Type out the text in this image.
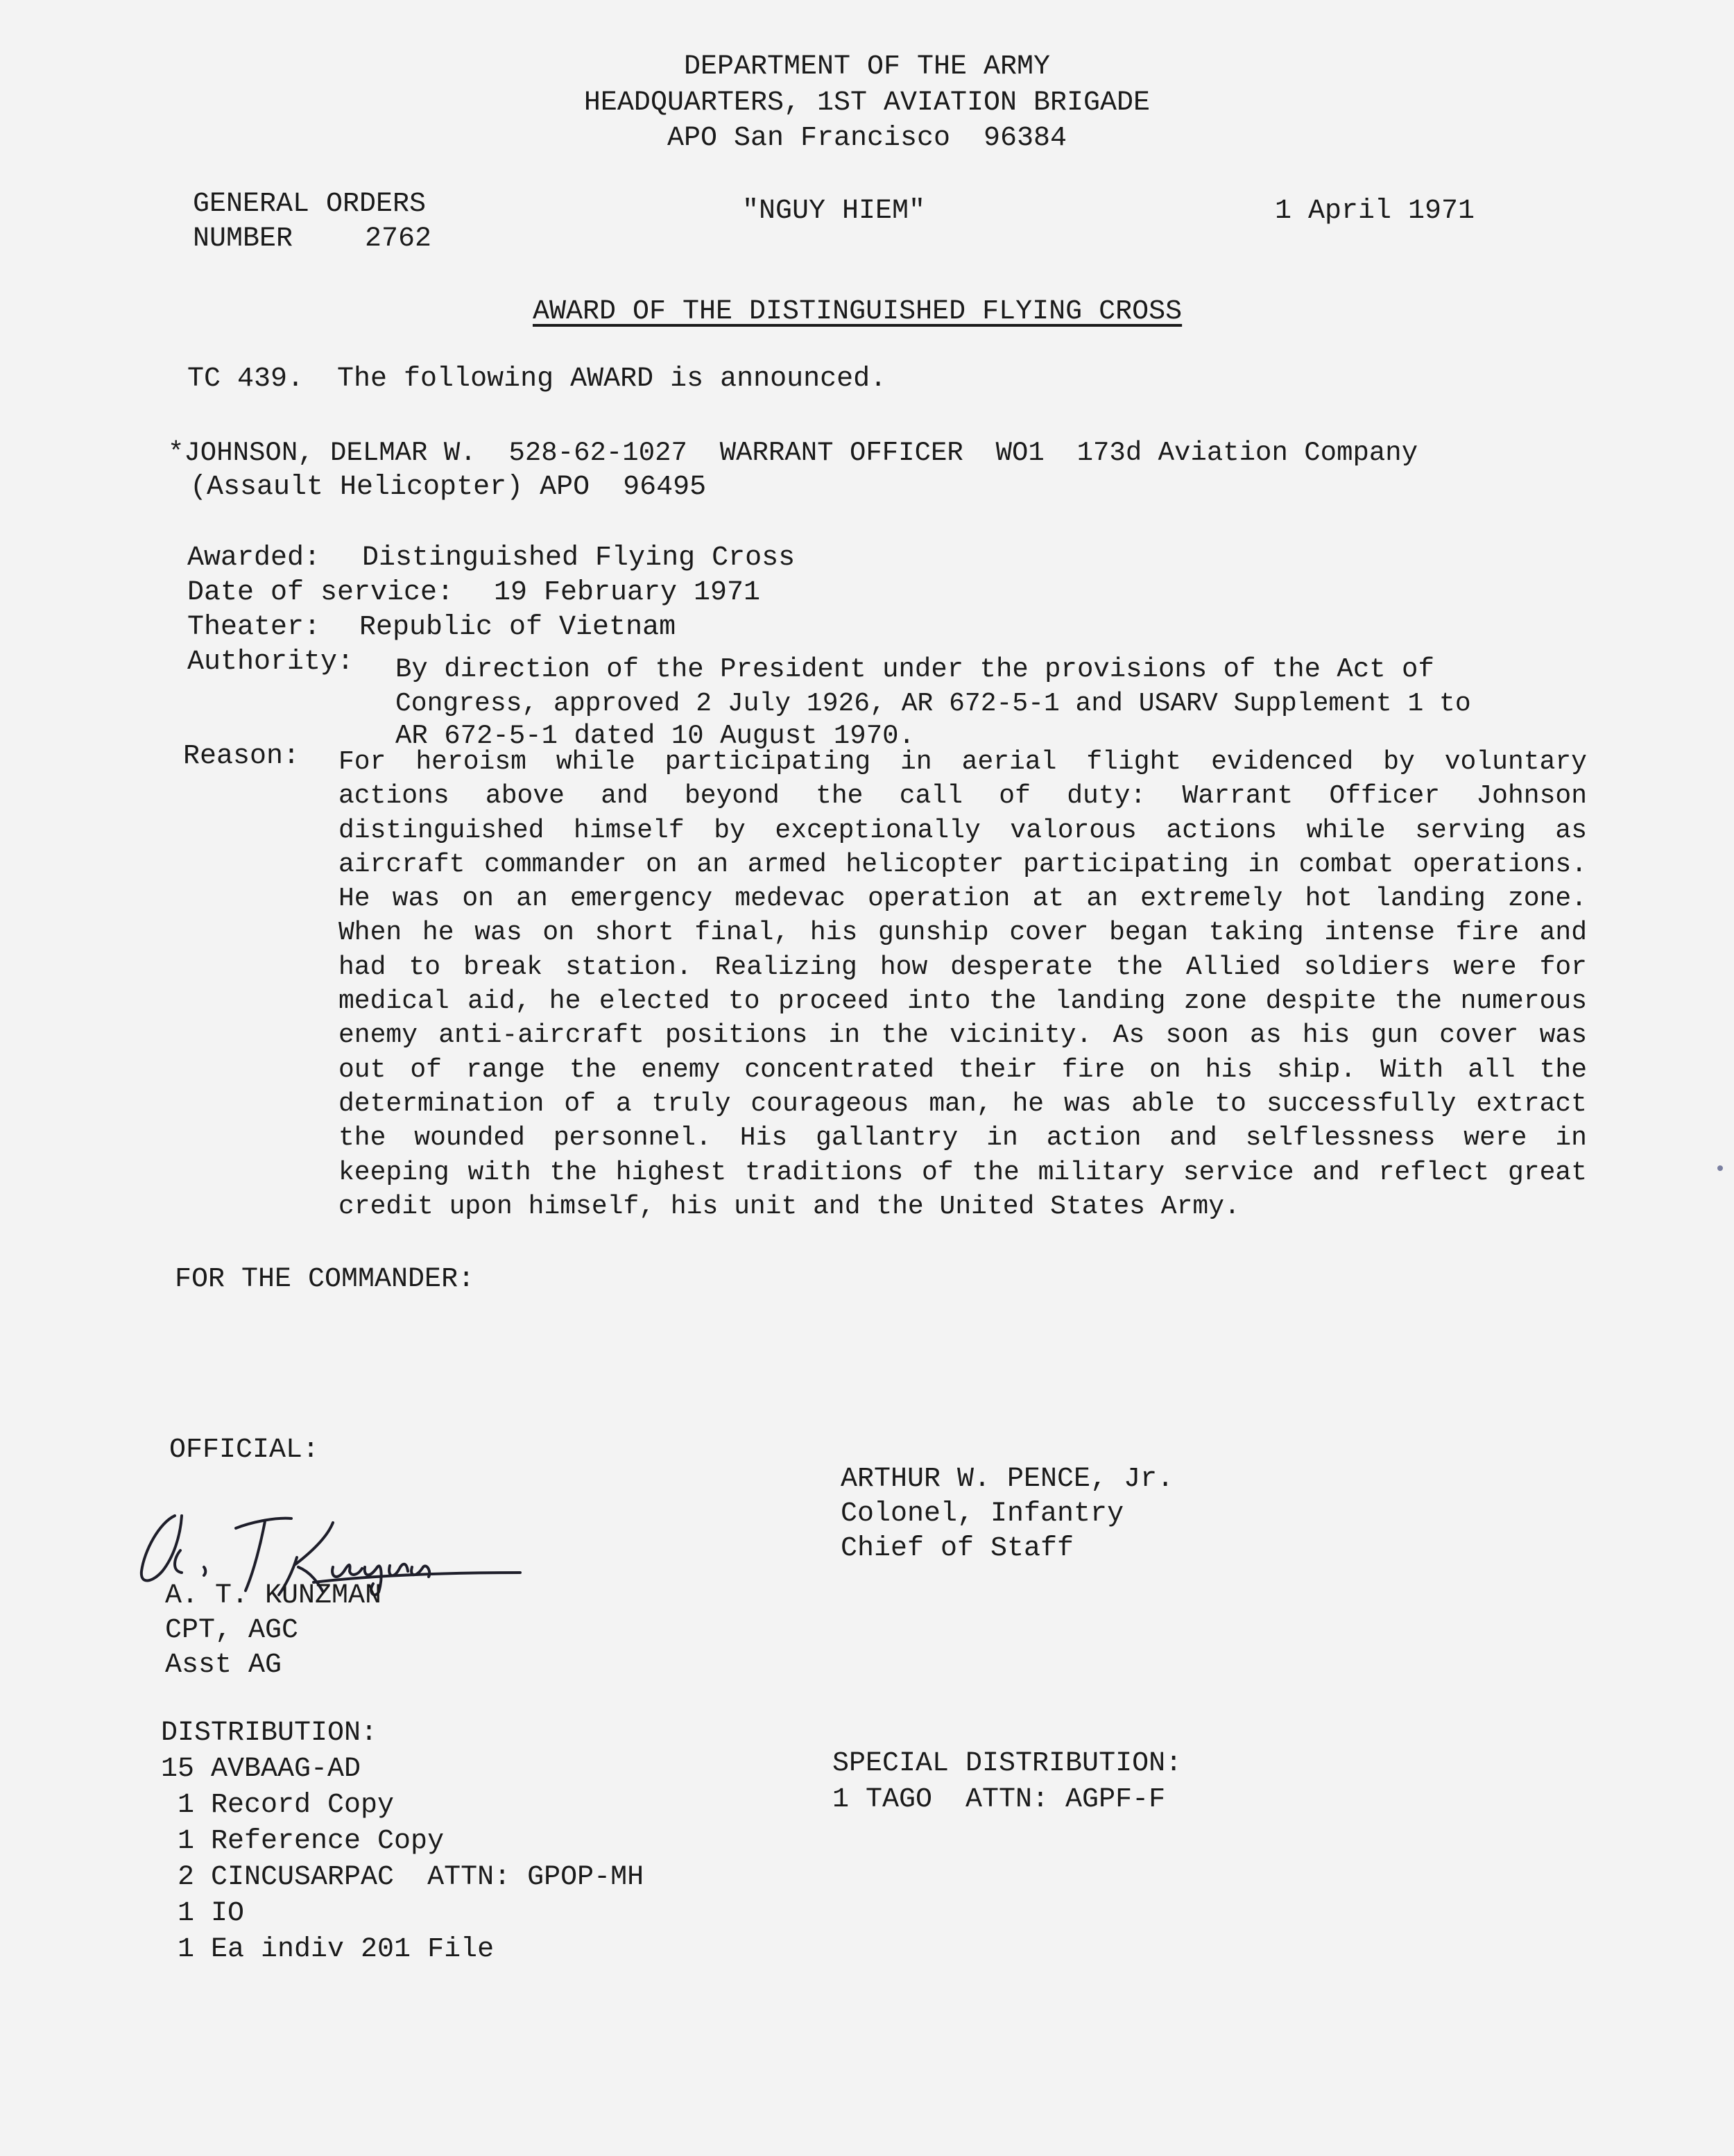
DEPARTMENT OF THE ARMY
HEADQUARTERS, 1ST AVIATION BRIGADE
APO San Francisco  96384
GENERAL ORDERS
NUMBER	2762
"NGUY HIEM"	1 April 1971
AWARD OF THE DISTINGUISHED FLYING CROSS
TC 439.  The following AWARD is announced.
*JOHNSON, DELMAR W.  528-62-1027  WARRANT OFFICER  WO1  173d Aviation Company
(Assault Helicopter) APO  96495
Awarded: Distinguished Flying Cross
Date of service: 19 February 1971
Theater: Republic of Vietnam
Authority: By direction of the President under the provisions of the Act of
Congress, approved 2 July 1926, AR 672-5-1 and USARV Supplement 1 to
AR 672-5-1 dated 10 August 1970.
Reason: For heroism while participating in aerial flight evidenced by voluntary actions above and beyond the call of duty: Warrant Officer Johnson distinguished himself by exceptionally valorous actions while serving as aircraft commander on an armed helicopter participating in combat operations. He was on an emergency medevac operation at an extremely hot landing zone. When he was on short final, his gunship cover began taking intense fire and had to break station. Realizing how desperate the Allied soldiers were for medical aid, he elected to proceed into the landing zone despite the numerous enemy anti-aircraft positions in the vicinity. As soon as his gun cover was out of range the enemy concentrated their fire on his ship. With all the determination of a truly courageous man, he was able to successfully extract the wounded personnel. His gallantry in action and selflessness were in keeping with the highest traditions of the military service and reflect great credit upon himself, his unit and the United States Army.
FOR THE COMMANDER:
OFFICIAL:
A. T. KUNZMAN
CPT, AGC
Asst AG
ARTHUR W. PENCE, Jr.
Colonel, Infantry
Chief of Staff
DISTRIBUTION:
15 AVBAAG-AD
1 Record Copy
1 Reference Copy
2 CINCUSARPAC  ATTN: GPOP-MH
1 IO
1 Ea indiv 201 File
SPECIAL DISTRIBUTION:
1 TAGO  ATTN: AGPF-F
